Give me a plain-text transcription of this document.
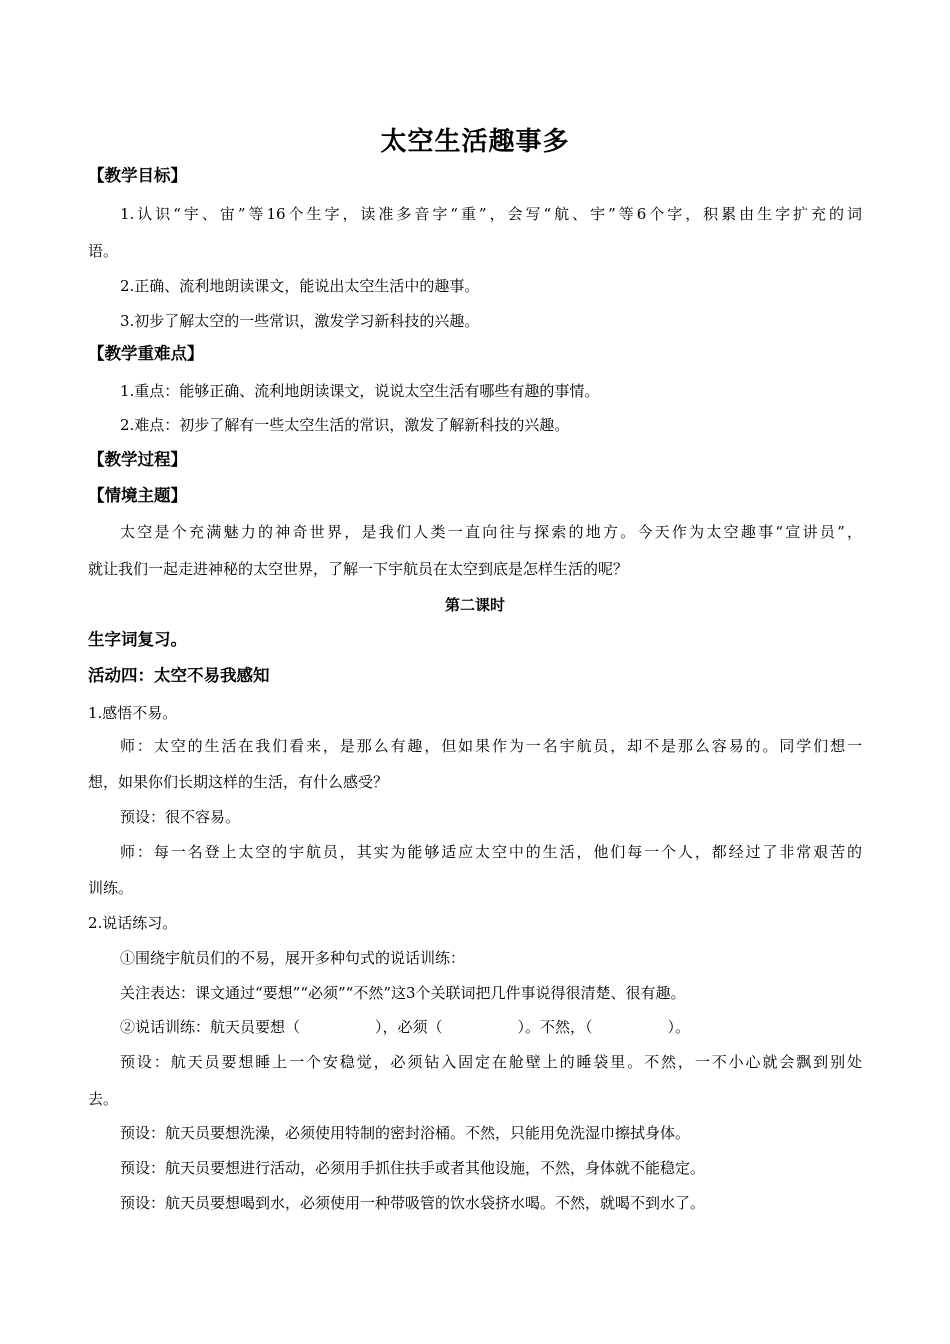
太空生活趣事多
【教学目标】
1.认识“宇、宙”等16个生字，读准多音字“重”，会写“航、宇”等6个字，积累由生字扩充的词
语。
2.正确、流利地朗读课文，能说出太空生活中的趣事。
3.初步了解太空的一些常识，激发学习新科技的兴趣。
【教学重难点】
1.重点：能够正确、流利地朗读课文，说说太空生活有哪些有趣的事情。
2.难点：初步了解有一些太空生活的常识，激发了解新科技的兴趣。
【教学过程】
【情境主题】
太空是个充满魅力的神奇世界，是我们人类一直向往与探索的地方。今天作为太空趣事“宣讲员”，
就让我们一起走进神秘的太空世界，了解一下宇航员在太空到底是怎样生活的呢？
第二课时
生字词复习。
活动四：太空不易我感知
1.感悟不易。
师：太空的生活在我们看来，是那么有趣，但如果作为一名宇航员，却不是那么容易的。同学们想一
想，如果你们长期这样的生活，有什么感受？
预设：很不容易。
师：每一名登上太空的宇航员，其实为能够适应太空中的生活，他们每一个人，都经过了非常艰苦的
训练。
2.说话练习。
①围绕宇航员们的不易，展开多种句式的说话训练：
关注表达：课文通过“要想”“必须”“不然”这3个关联词把几件事说得很清楚、很有趣。
②说话训练：航天员要想（　　　　　），必须（　　　　　）。不然，（　　　　　）。
预设：航天员要想睡上一个安稳觉，必须钻入固定在舱壁上的睡袋里。不然，一不小心就会飘到别处
去。
预设：航天员要想洗澡，必须使用特制的密封浴桶。不然，只能用免洗湿巾擦拭身体。
预设：航天员要想进行活动，必须用手抓住扶手或者其他设施，不然，身体就不能稳定。
预设：航天员要想喝到水，必须使用一种带吸管的饮水袋挤水喝。不然，就喝不到水了。
